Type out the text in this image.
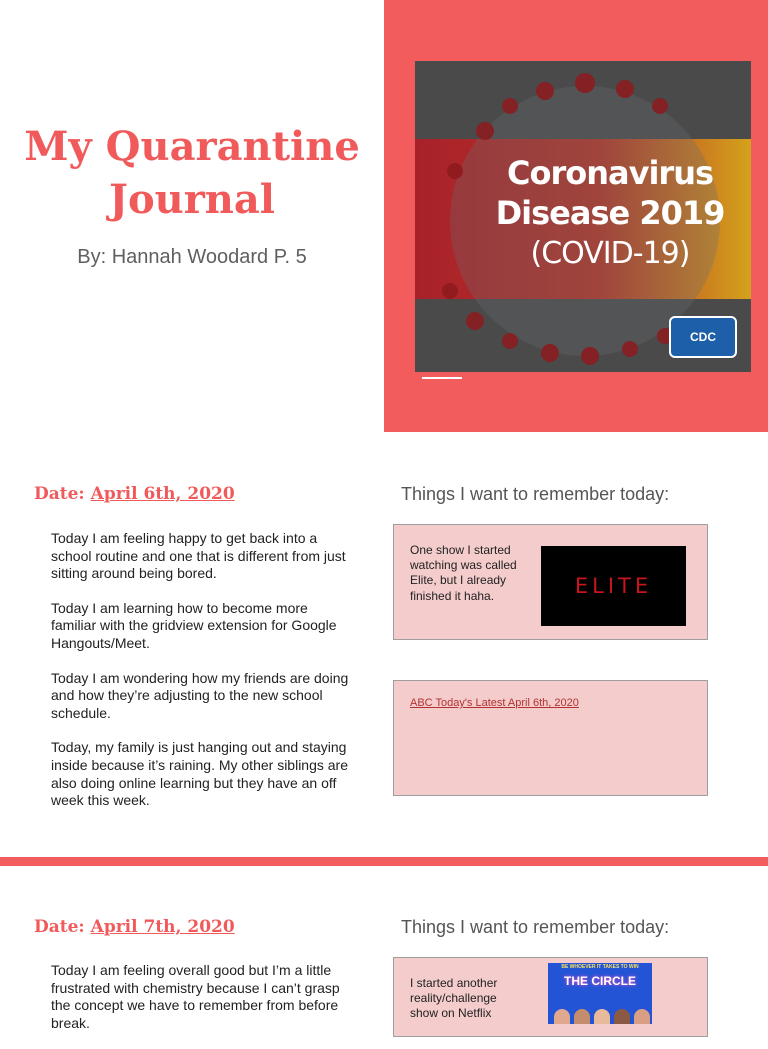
My Quarantine
Journal
By: Hannah Woodard P. 5
Coronavirus
Disease 2019
(COVID-19)
CDC
Date: April 6th, 2020	Things I want to remember today:

Today I am feeling happy to get back into a school routine and one that is different from just sitting around being bored.

Today I am learning how to become more familiar with the gridview extension for Google Hangouts/Meet.

Today I am wondering how my friends are doing and how they’re adjusting to the new school schedule.

Today, my family is just hanging out and staying inside because it’s raining. My other siblings are also doing online learning but they have an off week this week.

One show I started watching was called Elite, but I already finished it haha.	ELITE
ABC Today's Latest April 6th, 2020
Date: April 7th, 2020	Things I want to remember today:

Today I am feeling overall good but I’m a little frustrated with chemistry because I can’t grasp the concept we have to remember from before break.

I started another reality/challenge show on Netflix
BE WHOEVER IT TAKES TO WIN
THE CIRCLE
